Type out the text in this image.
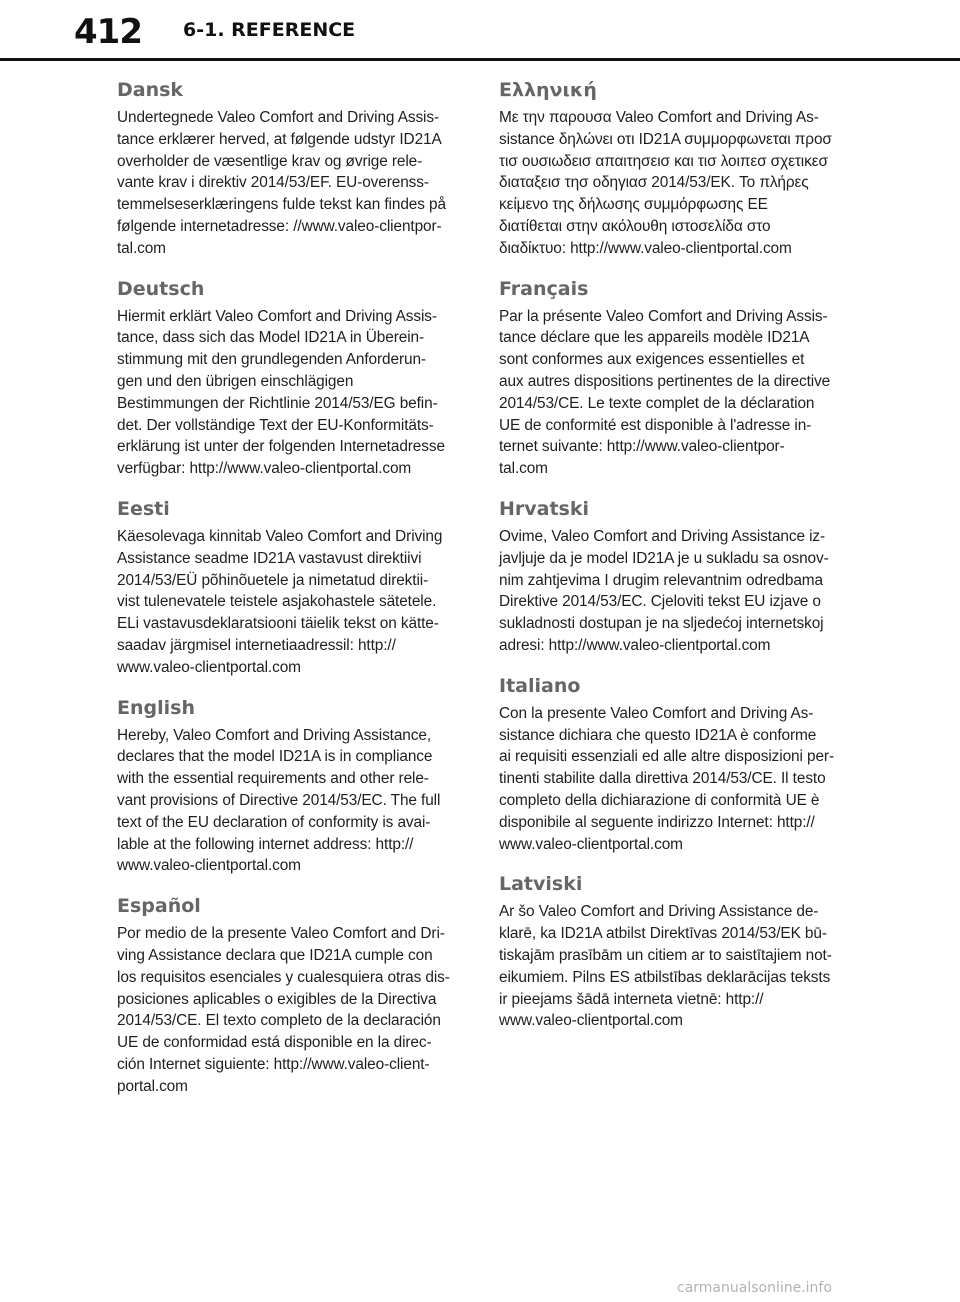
412 6-1. REFERENCE
Dansk

Undertegnede Valeo Comfort and Driving Assis-
tance erklærer herved, at følgende udstyr ID21A
overholder de væsentlige krav og øvrige rele-
vante krav i direktiv 2014/53/EF. EU-overenss-
temmelseserklæringens fulde tekst kan findes på
følgende internetadresse: //www.valeo-clientpor-
tal.com

Deutsch

Hiermit erklärt Valeo Comfort and Driving Assis-
tance, dass sich das Model ID21A in Überein-
stimmung mit den grundlegenden Anforderun-
gen und den übrigen einschlägigen
Bestimmungen der Richtlinie 2014/53/EG befin-
det. Der vollständige Text der EU-Konformitäts-
erklärung ist unter der folgenden Internetadresse
verfügbar: http://www.valeo-clientportal.com

Eesti

Käesolevaga kinnitab Valeo Comfort and Driving
Assistance seadme ID21A vastavust direktiivi
2014/53/EÜ põhinõuetele ja nimetatud direktii-
vist tulenevatele teistele asjakohastele sätetele.
ELi vastavusdeklaratsiooni täielik tekst on kätte-
saadav järgmisel internetiaadressil: http://
www.valeo-clientportal.com

English

Hereby, Valeo Comfort and Driving Assistance,
declares that the model ID21A is in compliance
with the essential requirements and other rele-
vant provisions of Directive 2014/53/EC. The full
text of the EU declaration of conformity is avai-
lable at the following internet address: http://
www.valeo-clientportal.com

Español

Por medio de la presente Valeo Comfort and Dri-
ving Assistance declara que ID21A cumple con
los requisitos esenciales y cualesquiera otras dis-
posiciones aplicables o exigibles de la Directiva
2014/53/CE. El texto completo de la declaración
UE de conformidad está disponible en la direc-
ción Internet siguiente: http://www.valeo-client-
portal.com

Ελληνική

Με την παρουσα Valeo Comfort and Driving As-
sistance δηλώνει οτι ID21A συμμορφωνεται προσ
τισ ουσιωδεισ απαιτησεισ και τισ λοιπεσ σχετικεσ
διαταξεισ τησ οδηγιασ 2014/53/EK. Το πλήρες
κείμενο της δήλωσης συμμόρφωσης ΕΕ
διατίθεται στην ακόλουθη ιστοσελίδα στο
διαδίκτυο: http://www.valeo-clientportal.com

Français

Par la présente Valeo Comfort and Driving Assis-
tance déclare que les appareils modèle ID21A
sont conformes aux exigences essentielles et
aux autres dispositions pertinentes de la directive
2014/53/CE. Le texte complet de la déclaration
UE de conformité est disponible à l'adresse in-
ternet suivante: http://www.valeo-clientpor-
tal.com

Hrvatski

Ovime, Valeo Comfort and Driving Assistance iz-
javljuje da je model ID21A je u sukladu sa osnov-
nim zahtjevima I drugim relevantnim odredbama
Direktive 2014/53/EC. Cjeloviti tekst EU izjave o
sukladnosti dostupan je na sljedećoj internetskoj
adresi: http://www.valeo-clientportal.com

Italiano

Con la presente Valeo Comfort and Driving As-
sistance dichiara che questo ID21A è conforme
ai requisiti essenziali ed alle altre disposizioni per-
tinenti stabilite dalla direttiva 2014/53/CE. Il testo
completo della dichiarazione di conformità UE è
disponibile al seguente indirizzo Internet: http://
www.valeo-clientportal.com

Latviski

Ar šo Valeo Comfort and Driving Assistance de-
klarē, ka ID21A atbilst Direktīvas 2014/53/EK bū-
tiskajām prasībām un citiem ar to saistītajiem not-
eikumiem. Pilns ES atbilstības deklarācijas teksts
ir pieejams šādā interneta vietnē: http://
www.valeo-clientportal.com

carmanualsonline.info
